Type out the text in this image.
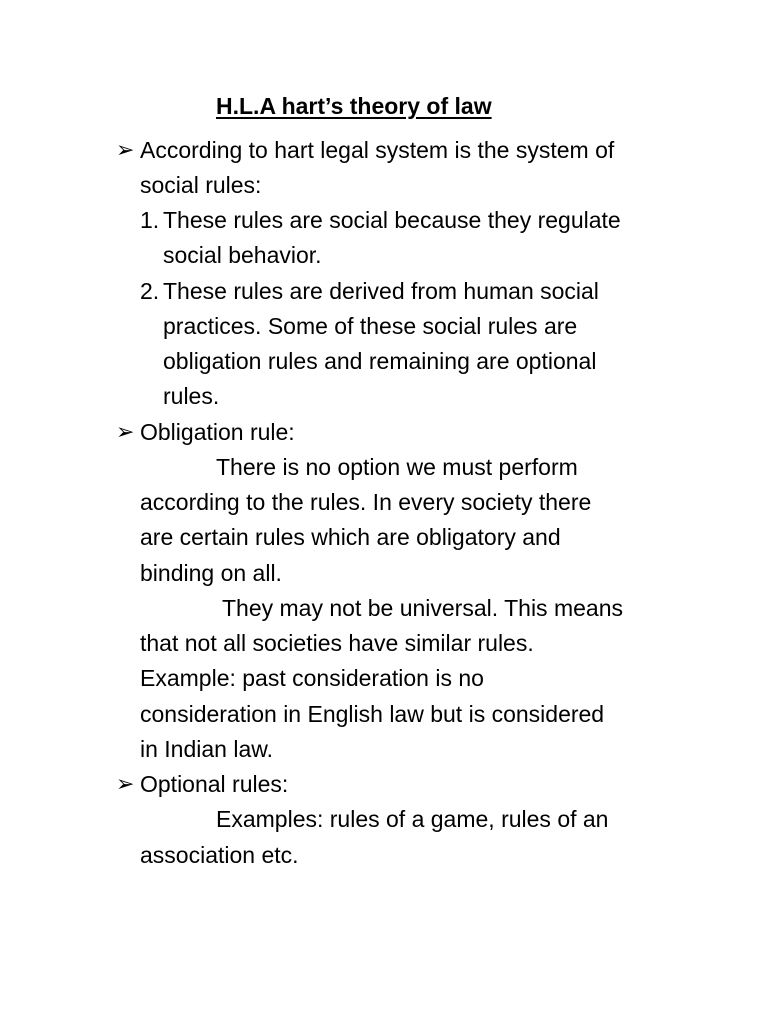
H.L.A hart’s theory of law
➢ According to hart legal system is the system of
social rules:
1. These rules are social because they regulate
social behavior.
2. These rules are derived from human social
practices. Some of these social rules are
obligation rules and remaining are optional
rules.
➢ Obligation rule:
There is no option we must perform
according to the rules. In every society there
are certain rules which are obligatory and
binding on all.
They may not be universal. This means
that not all societies have similar rules.
Example: past consideration is no
consideration in English law but is considered
in Indian law.
➢ Optional rules:
Examples: rules of a game, rules of an
association etc.
